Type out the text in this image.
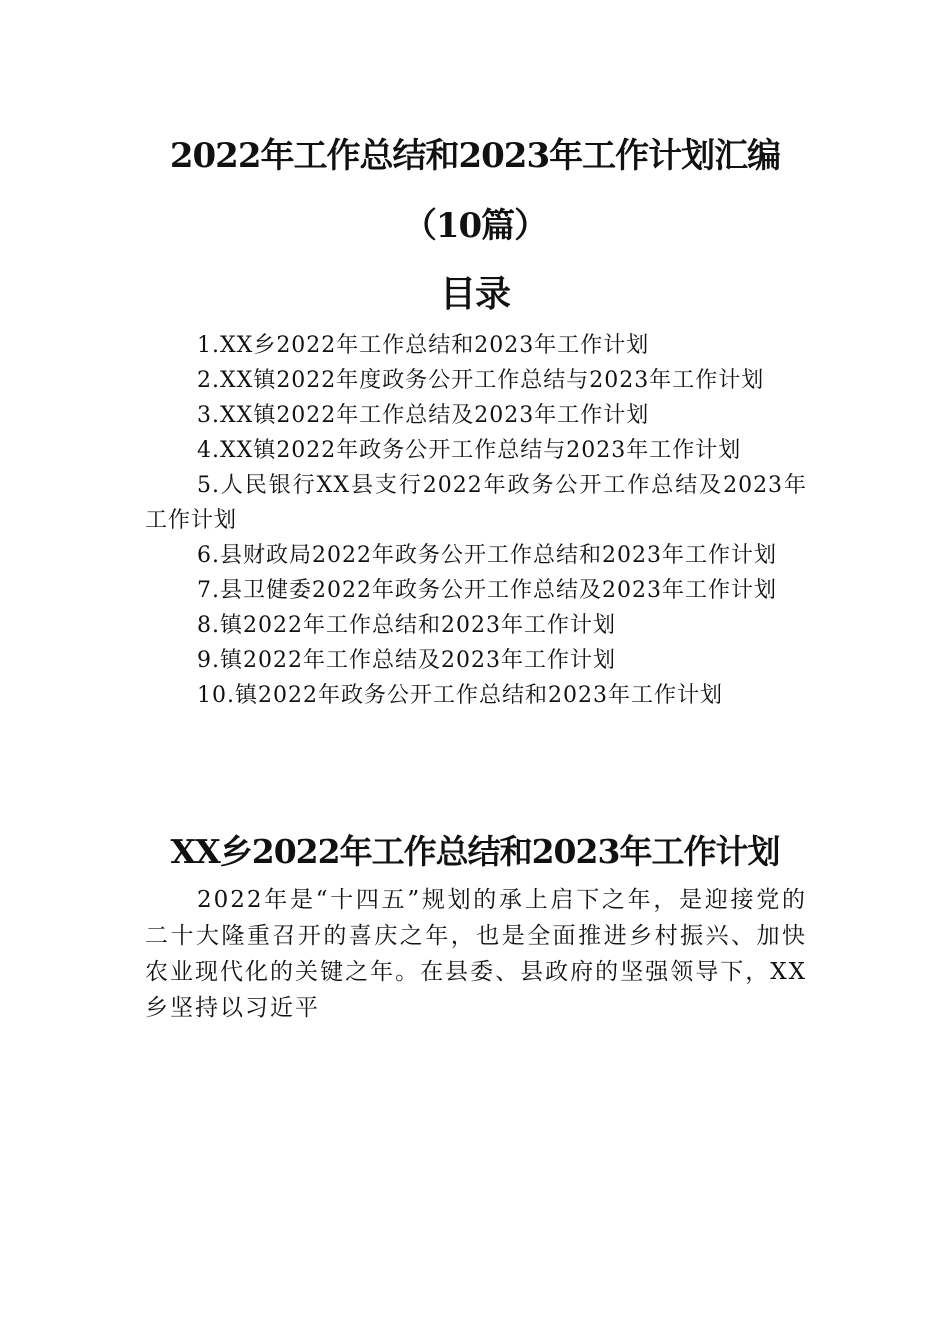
2022年工作总结和2023年工作计划汇编
（10篇）
目录
1.XX乡2022年工作总结和2023年工作计划
2.XX镇2022年度政务公开工作总结与2023年工作计划
3.XX镇2022年工作总结及2023年工作计划
4.XX镇2022年政务公开工作总结与2023年工作计划
5.人民银行XX县支行2022年政务公开工作总结及2023年工作计划
6.县财政局2022年政务公开工作总结和2023年工作计划
7.县卫健委2022年政务公开工作总结及2023年工作计划
8.镇2022年工作总结和2023年工作计划
9.镇2022年工作总结及2023年工作计划
10.镇2022年政务公开工作总结和2023年工作计划
XX乡2022年工作总结和2023年工作计划
2022年是“十四五”规划的承上启下之年，是迎接党的二十大隆重召开的喜庆之年，也是全面推进乡村振兴、加快农业现代化的关键之年。在县委、县政府的坚强领导下，XX乡坚持以习近平
